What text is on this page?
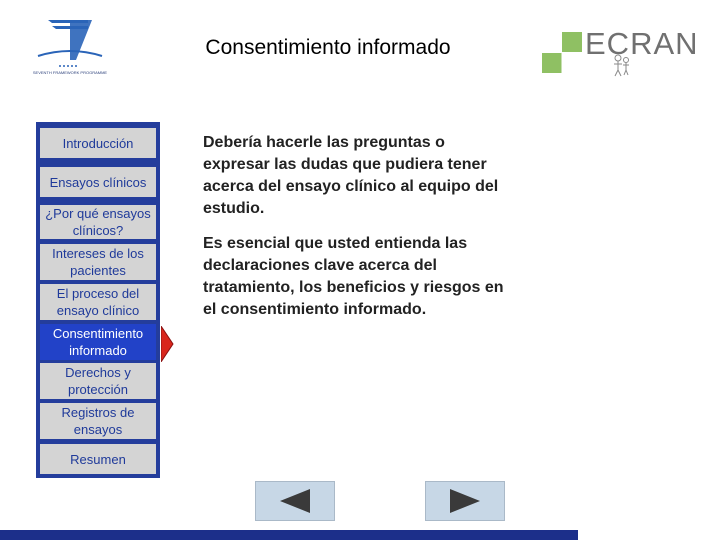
SEVENTH FRAMEWORK PROGRAMME
Consentimiento informado	ECRAN
Introducción
Ensayos clínicos
¿Por qué ensayos clínicos?
Intereses de los pacientes
El proceso del ensayo clínico
Consentimiento informado
Derechos y protección
Registros de ensayos
Resumen

Debería hacerle las preguntas o expresar las dudas que pudiera tener acerca del ensayo clínico al equipo del estudio.

Es esencial que usted entienda las declaraciones clave acerca del tratamiento, los beneficios y riesgos en el consentimiento informado.
